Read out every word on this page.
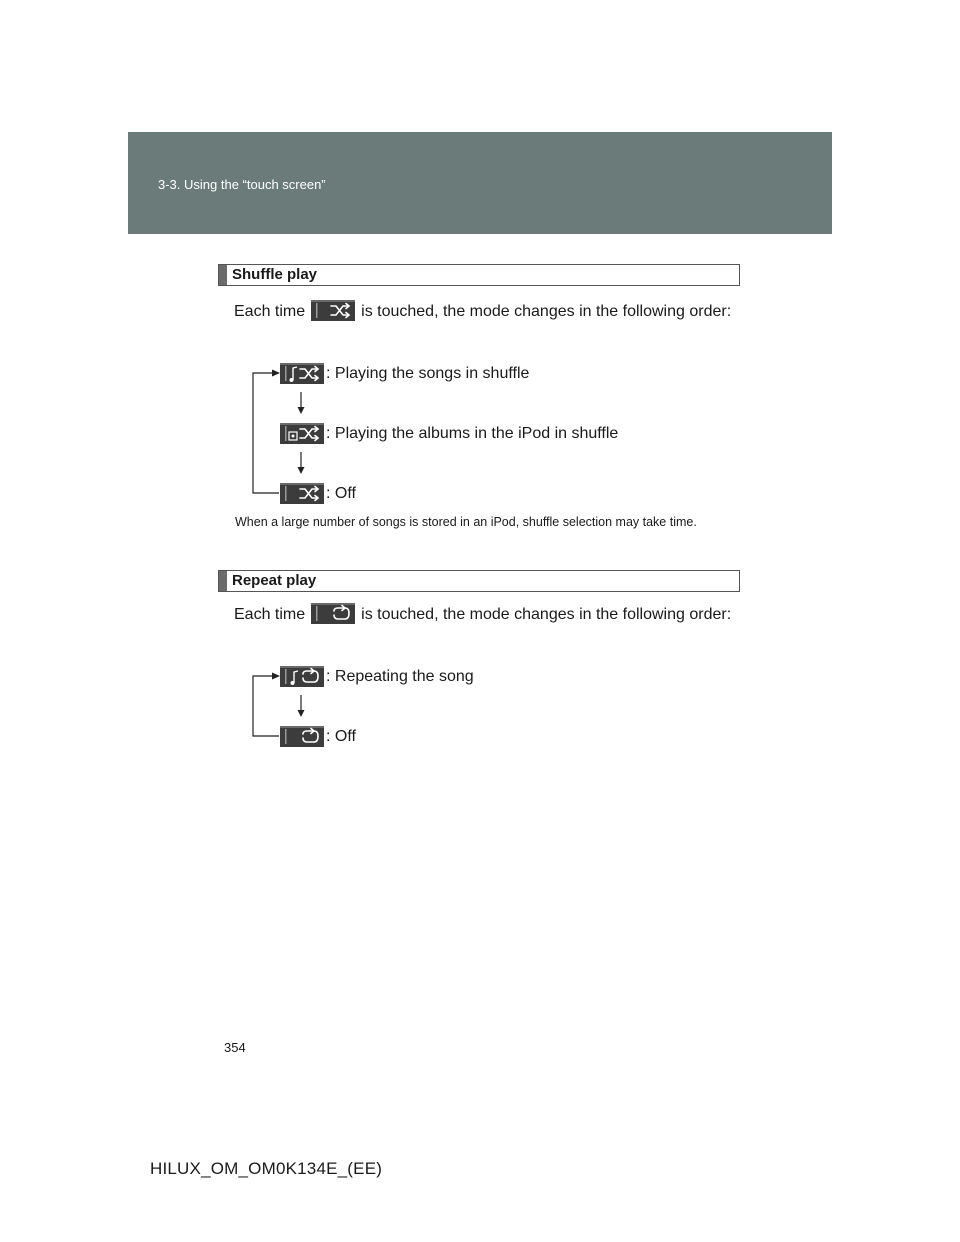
3-3. Using the “touch screen”
Shuffle play
Each time	is touched, the mode changes in the following order:
: Playing the songs in shuffle
: Playing the albums in the iPod in shuffle
: Off
When a large number of songs is stored in an iPod, shuffle selection may take time.
Repeat play
Each time	is touched, the mode changes in the following order:
: Repeating the song
: Off
354
HILUX_OM_OM0K134E_(EE)
